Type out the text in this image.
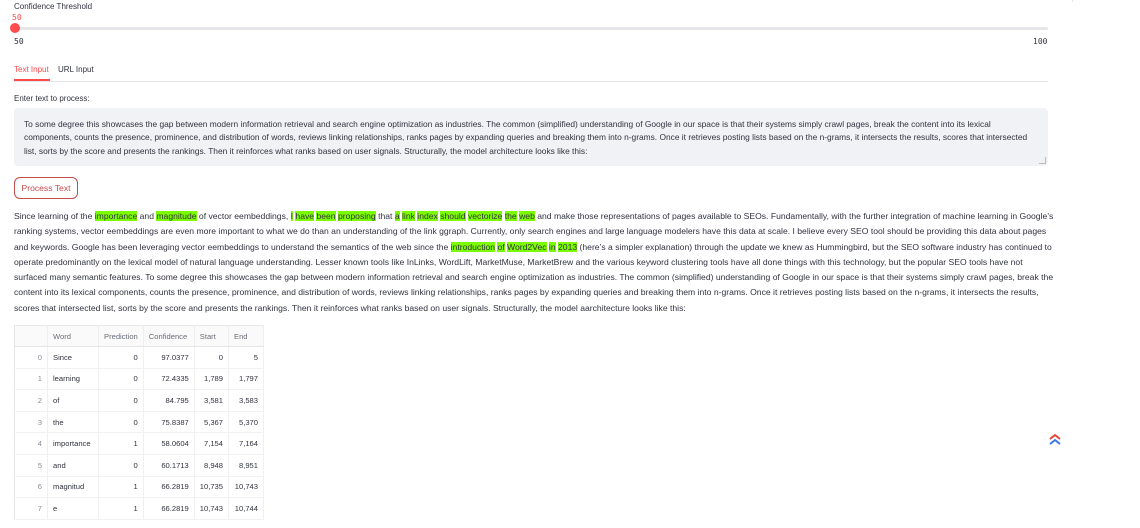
Confidence Threshold
50
50	100
Text Input URL Input
Enter text to process:
To some degree this showcases the gap between modern information retrieval and search engine optimization as industries. The common (simplified) understanding of Google in our space is that their systems simply crawl pages, break the content into its lexical components, counts the presence, prominence, and distribution of words, reviews linking relationships, ranks pages by expanding queries and breaking them into n-grams. Once it retrieves posting lists based on the n-grams, it intersects the results, scores that intersected list, sorts by the score and presents the rankings. Then it reinforces what ranks based on user signals. Structurally, the model architecture looks like this:
Process Text
Since learning of the importance and magnitude of vector eembeddings, I have been proposing that a link index should vectorize the web and make those representations of pages available to SEOs. Fundamentally, with the further integration of machine learning in Google’s ranking systems, vector eembeddings are even more important to what we do than an understanding of the link ggraph. Currently, only search engines and large language modelers have this data at scale. I believe every SEO tool should be providing this data about pages and keywords. Google has been leveraging vector eembeddings to understand the semantics of the web since the introduction of Word2Vec in 2013 (here’s a simpler explanation) through the update we knew as Hummingbird, but the SEO software industry has continued to operate predominantly on the lexical model of natural language understanding. Lesser known tools like InLinks, WordLift, MarketMuse, MarketBrew and the various keyword clustering tools have all done things with this technology, but the popular SEO tools have not surfaced many semantic features. To some degree this showcases the gap between modern information retrieval and search engine optimization as industries. The common (simplified) understanding of Google in our space is that their systems simply crawl pages, break the content into its lexical components, counts the presence, prominence, and distribution of words, reviews linking relationships, ranks pages by expanding queries and breaking them into n-grams. Once it retrieves posting lists based on the n-grams, it intersects the results, scores that intersected list, sorts by the score and presents the rankings. Then it reinforces what ranks based on user signals. Structurally, the model aarchitecture looks like this:
	Word	Prediction	Confidence	Start	End
0	Since	0	97.0377	0	5
1	learning	0	72.4335	1,789	1,797
2	of	0	84.795	3,581	3,583
3	the	0	75.8387	5,367	5,370
4	importance	1	58.0604	7,154	7,164
5	and	0	60.1713	8,948	8,951
6	magnitud	1	66.2819	10,735	10,743
7	e	1	66.2819	10,743	10,744
